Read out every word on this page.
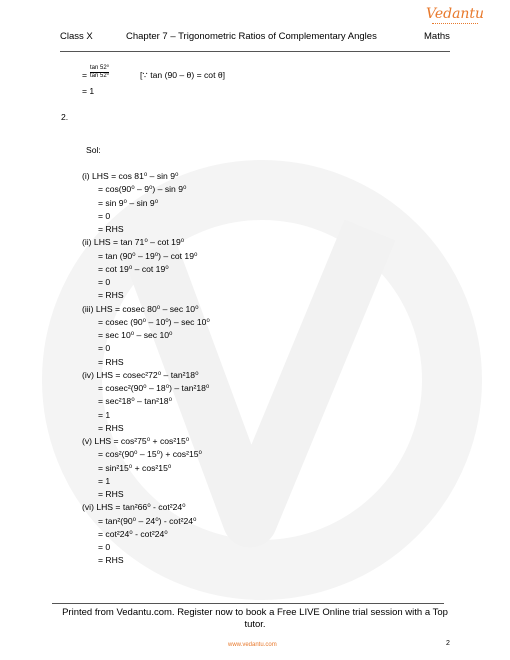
Class X	Chapter 7 – Trigonometric Ratios of Complementary Angles	Maths
Vedantu
= $\frac{\text{tan 52⁰}}{\text{tan 52⁰}}$	[∵ tan (90 – θ) = cot θ]
= 1
2.
Sol:
(i) LHS = cos 81⁰ – sin 9⁰
= cos(90⁰ – 9⁰) – sin 9⁰
= sin 9⁰ – sin 9⁰
= 0
= RHS
(ii) LHS = tan 71⁰ – cot 19⁰
= tan (90⁰ – 19⁰) – cot 19⁰
= cot 19⁰ – cot 19⁰
= 0
= RHS
(iii) LHS = cosec 80⁰ – sec 10⁰
= cosec (90⁰ – 10⁰) – sec 10⁰
= sec 10⁰ – sec 10⁰
= 0
= RHS
(iv) LHS = cosec²72⁰ – tan²18⁰
= cosec²(90⁰ – 18⁰) – tan²18⁰
= sec²18⁰ – tan²18⁰
= 1
= RHS
(v) LHS = cos²75⁰ + cos²15⁰
= cos²(90⁰ – 15⁰) + cos²15⁰
= sin²15⁰ + cos²15⁰
= 1
= RHS
(vi) LHS = tan²66⁰ - cot²24⁰
= tan²(90⁰ – 24⁰) - cot²24⁰
= cot²24⁰ - cot²24⁰
= 0
= RHS
Printed from Vedantu.com. Register now to book a Free LIVE Online trial session with a Top tutor.
www.vedantu.com	2
